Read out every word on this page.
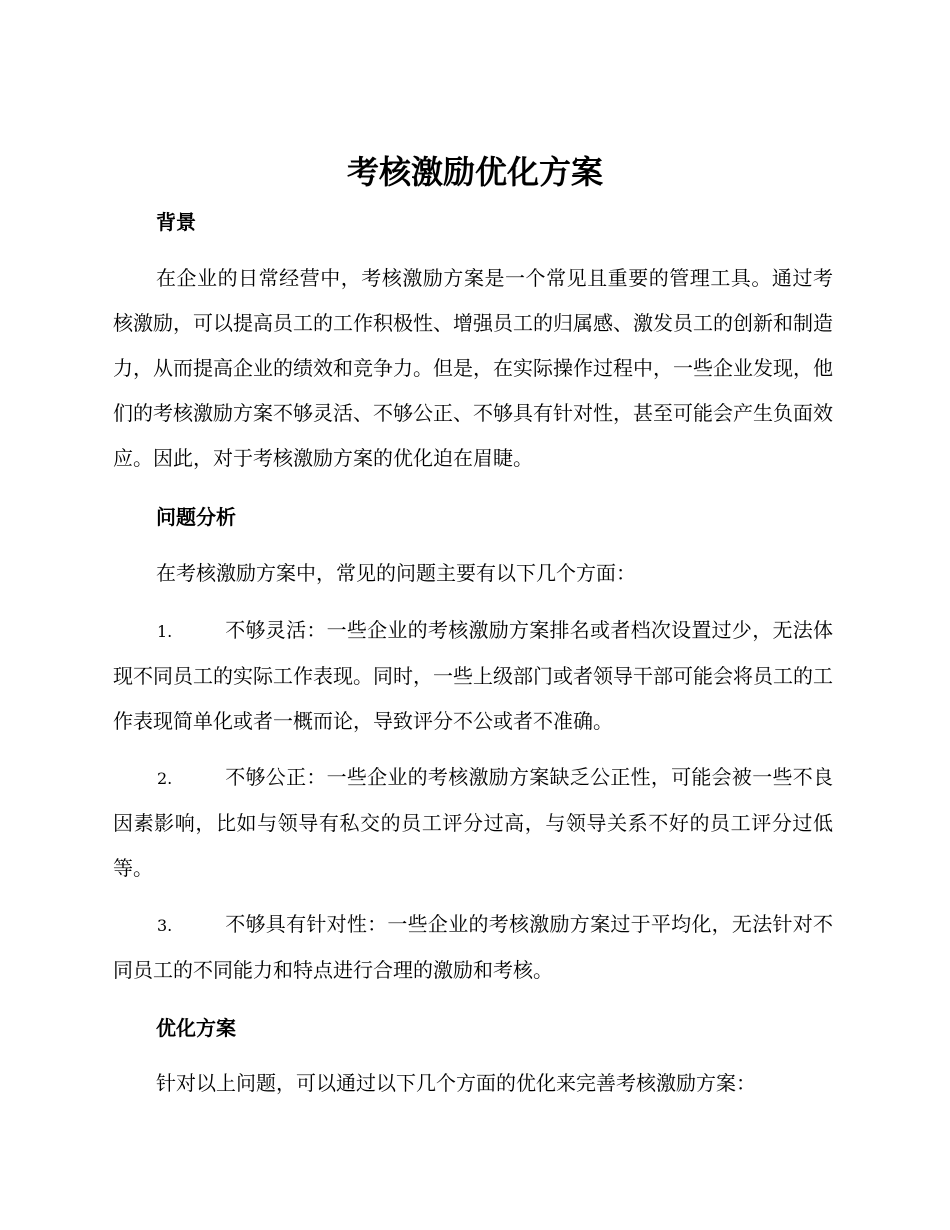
考核激励优化方案
背景
在企业的日常经营中，考核激励方案是一个常见且重要的管理工具。通过考核激励，可以提高员工的工作积极性、增强员工的归属感、激发员工的创新和制造力，从而提高企业的绩效和竞争力。但是，在实际操作过程中，一些企业发现，他们的考核激励方案不够灵活、不够公正、不够具有针对性，甚至可能会产生负面效应。因此，对于考核激励方案的优化迫在眉睫。
问题分析
在考核激励方案中，常见的问题主要有以下几个方面：
1.	不够灵活：一些企业的考核激励方案排名或者档次设置过少，无法体现不同员工的实际工作表现。同时，一些上级部门或者领导干部可能会将员工的工作表现简单化或者一概而论，导致评分不公或者不准确。
2.	不够公正：一些企业的考核激励方案缺乏公正性，可能会被一些不良因素影响，比如与领导有私交的员工评分过高，与领导关系不好的员工评分过低等。
3.	不够具有针对性：一些企业的考核激励方案过于平均化，无法针对不同员工的不同能力和特点进行合理的激励和考核。
优化方案
针对以上问题，可以通过以下几个方面的优化来完善考核激励方案：
